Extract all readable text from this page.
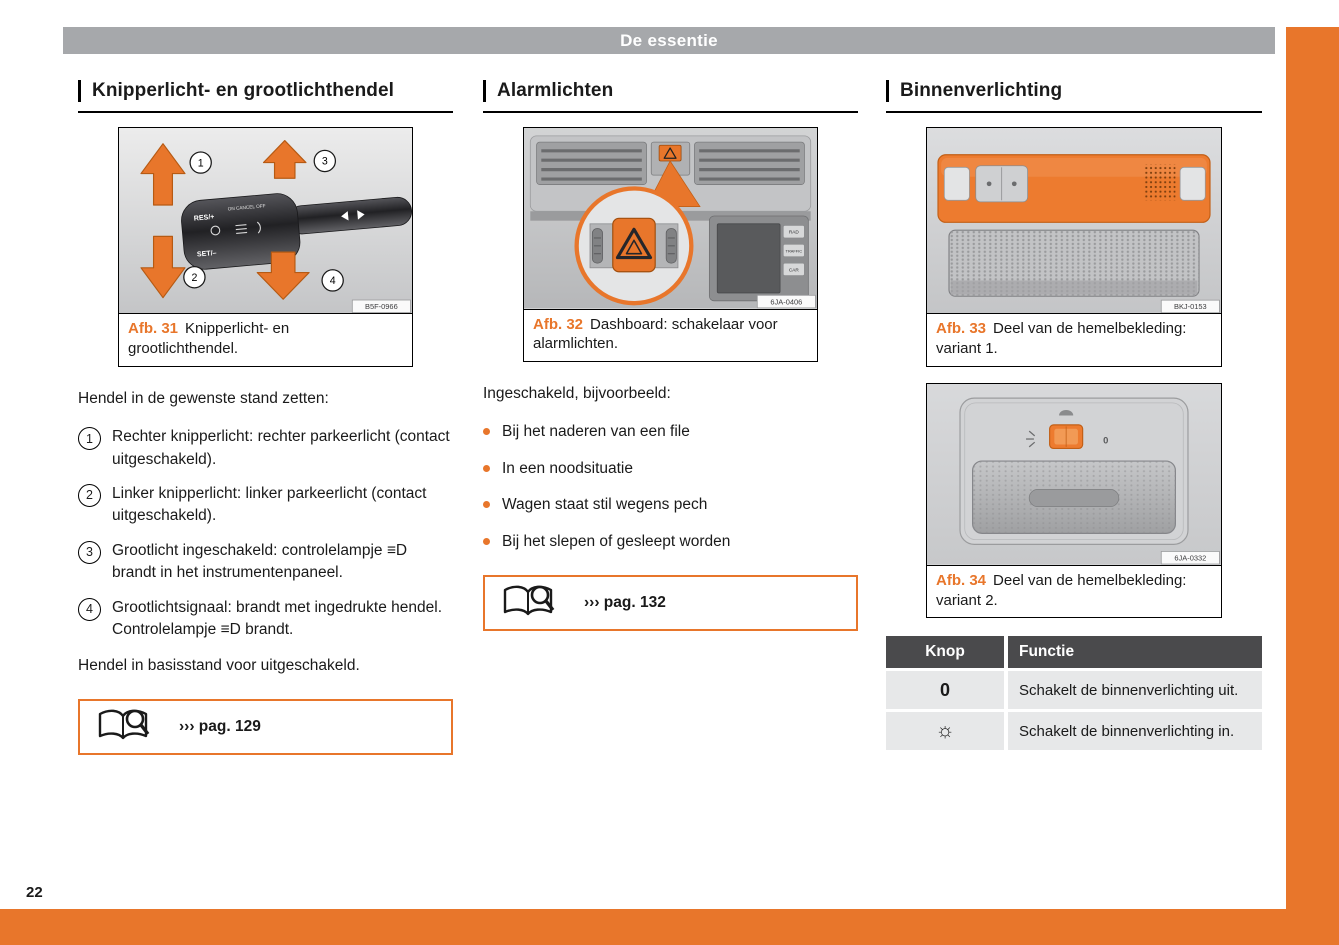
De essentie
22
Knipperlicht- en grootlichthendel
RES/+
ON CANCEL OFF
SET/–
1	3
2	4
B5F-0966
Afb. 31 Knipperlicht- en grootlichthendel.

Hendel in de gewenste stand zetten:

1	Rechter knipperlicht: rechter parkeerlicht (contact uitgeschakeld).
2	Linker knipperlicht: linker parkeerlicht (contact uitgeschakeld).
3	Grootlicht ingeschakeld: controlelampje ≡D brandt in het instrumentenpaneel.
4	Grootlichtsignaal: brandt met ingedrukte hendel. Controlelampje ≡D brandt.

Hendel in basisstand voor uitgeschakeld.

››› pag. 129
Alarmlichten
RAD
TRAFFIC
CAR
6JA-0406
Afb. 32 Dashboard: schakelaar voor alarmlichten.

Ingeschakeld, bijvoorbeeld:

Bij het naderen van een file
In een noodsituatie
Wagen staat stil wegens pech
Bij het slepen of gesleept worden
››› pag. 132
Binnenverlichting
BKJ-0153
Afb. 33 Deel van de hemelbekleding: variant 1.
0
6JA-0332
Afb. 34 Deel van de hemelbekleding: variant 2.
Knop	Functie
0	Schakelt de binnenverlichting uit.
☼	Schakelt de binnenverlichting in.
